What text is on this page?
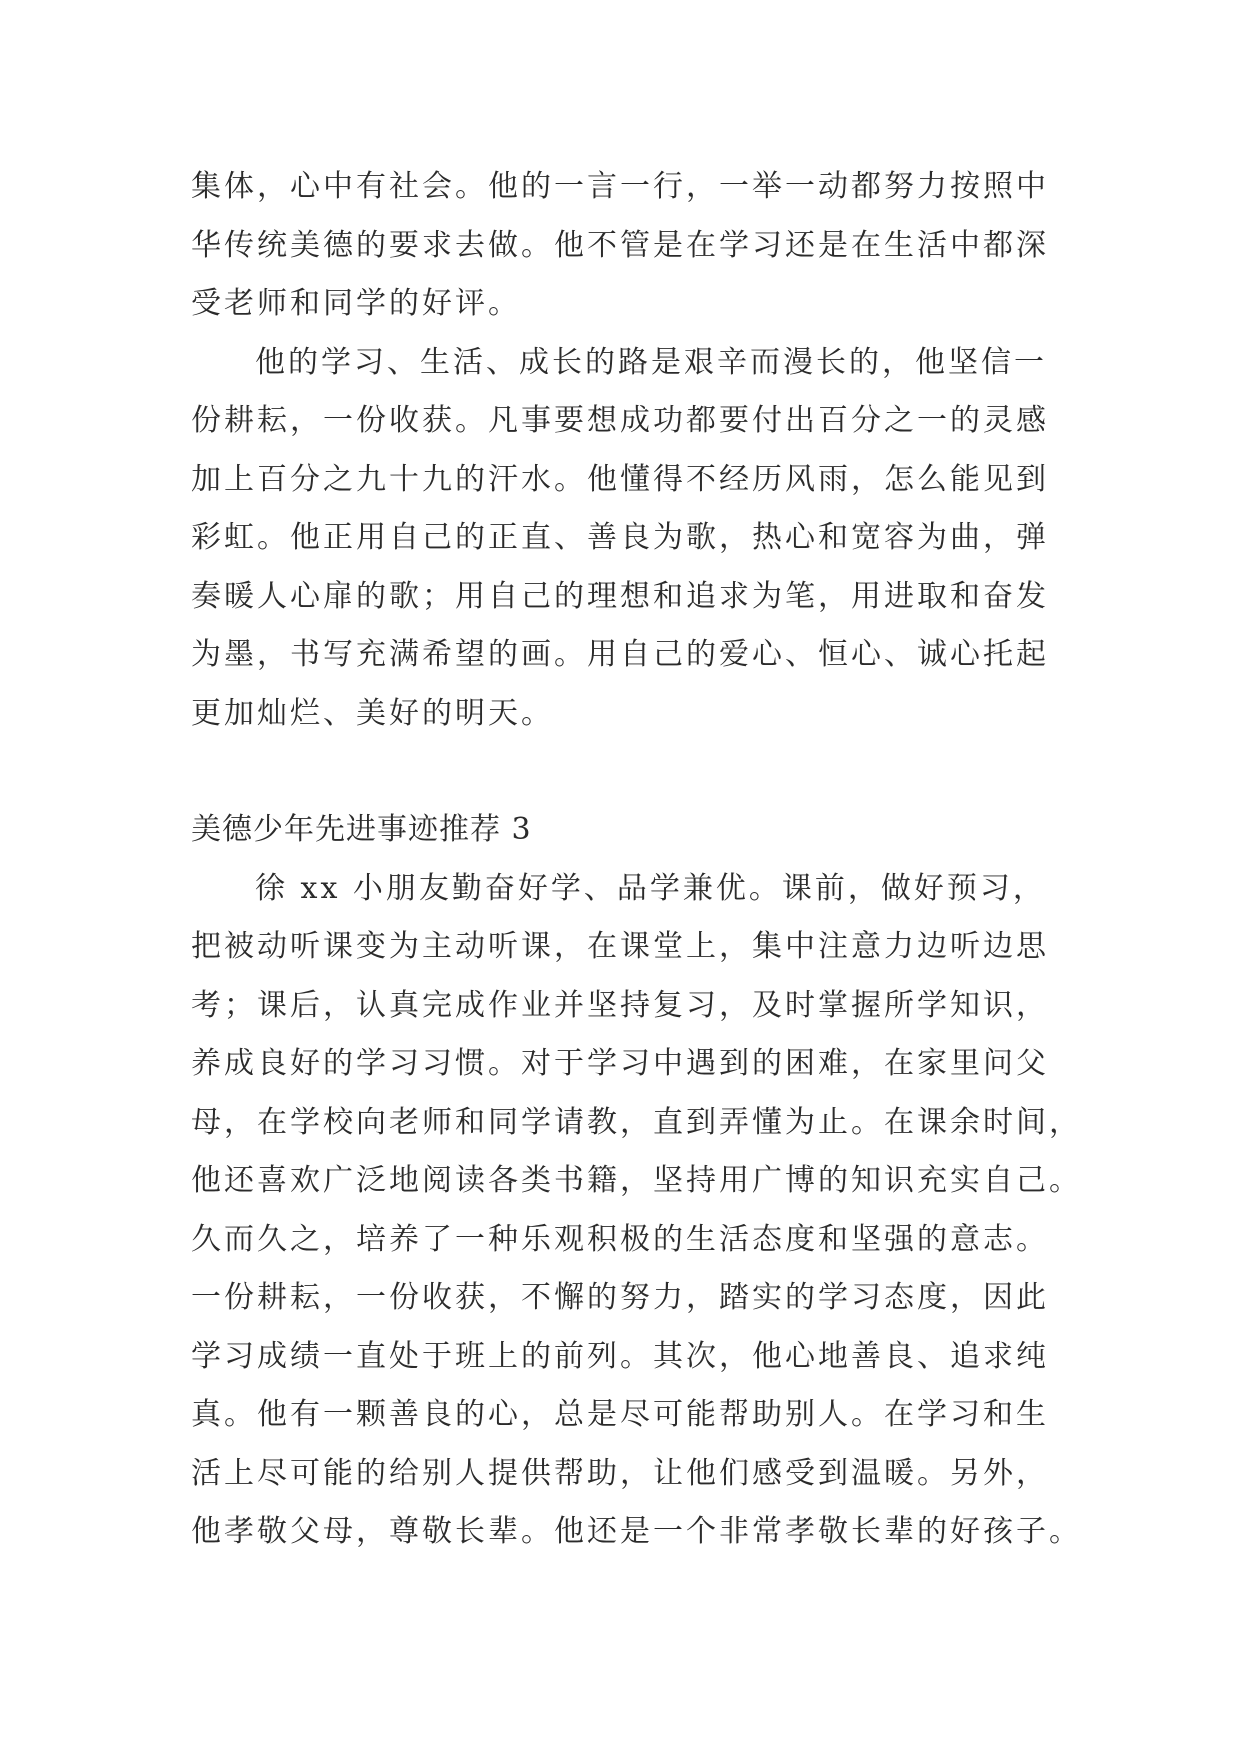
集体，心中有社会。他的一言一行，一举一动都努力按照中
华传统美德的要求去做。他不管是在学习还是在生活中都深
受老师和同学的好评。
他的学习、生活、成长的路是艰辛而漫长的，他坚信一
份耕耘，一份收获。凡事要想成功都要付出百分之一的灵感
加上百分之九十九的汗水。他懂得不经历风雨，怎么能见到
彩虹。他正用自己的正直、善良为歌，热心和宽容为曲，弹
奏暖人心扉的歌；用自己的理想和追求为笔，用进取和奋发
为墨，书写充满希望的画。用自己的爱心、恒心、诚心托起
更加灿烂、美好的明天。
美德少年先进事迹推荐 3
徐 xx 小朋友勤奋好学、品学兼优。课前，做好预习，
把被动听课变为主动听课，在课堂上，集中注意力边听边思
考；课后，认真完成作业并坚持复习，及时掌握所学知识，
养成良好的学习习惯。对于学习中遇到的困难，在家里问父
母，在学校向老师和同学请教，直到弄懂为止。在课余时间，
他还喜欢广泛地阅读各类书籍，坚持用广博的知识充实自己。
久而久之，培养了一种乐观积极的生活态度和坚强的意志。
一份耕耘，一份收获，不懈的努力，踏实的学习态度，因此
学习成绩一直处于班上的前列。其次，他心地善良、追求纯
真。他有一颗善良的心，总是尽可能帮助别人。在学习和生
活上尽可能的给别人提供帮助，让他们感受到温暖。另外，
他孝敬父母，尊敬长辈。他还是一个非常孝敬长辈的好孩子。
